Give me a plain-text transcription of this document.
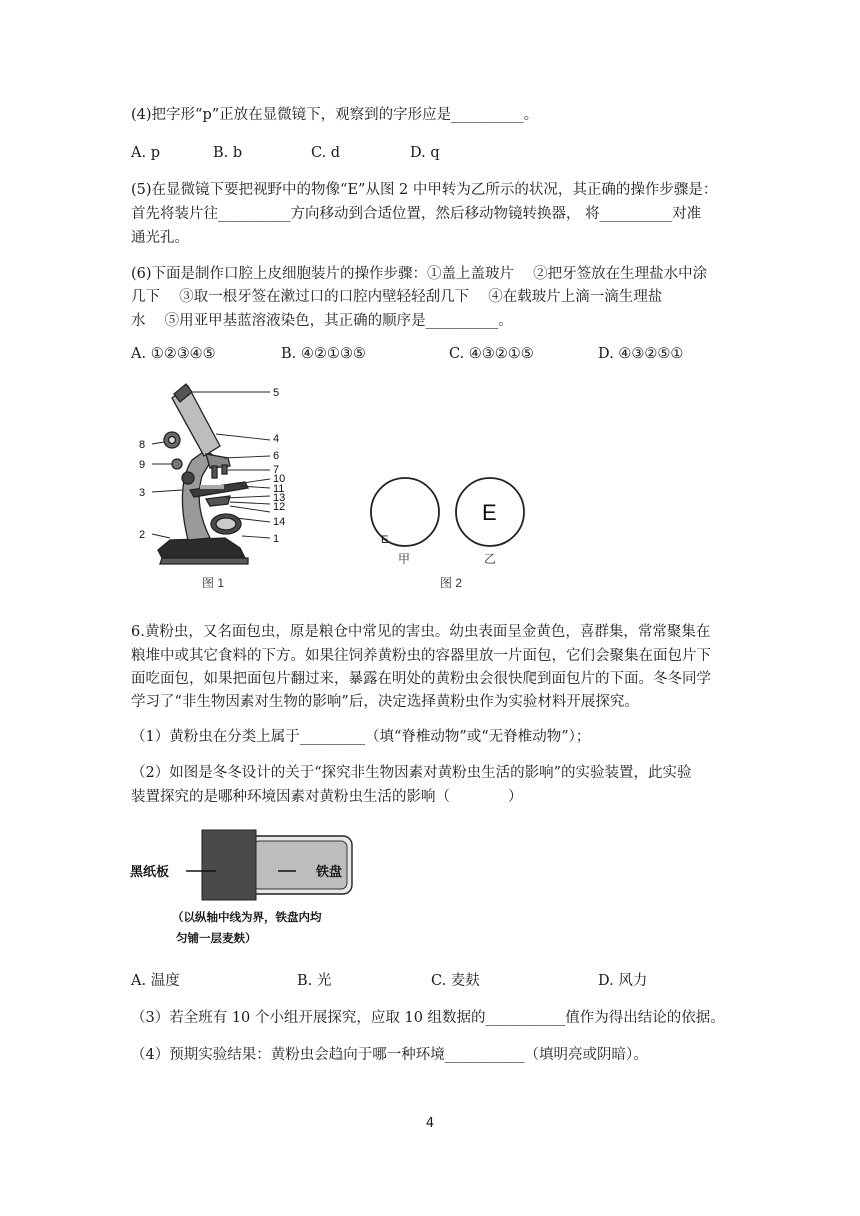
(4)把字形“p”正放在显微镜下，观察到的字形应是__________。
A. p	B. b	C. d	D. q
(5)在显微镜下要把视野中的物像“E”从图 2 中甲转为乙所示的状况，其正确的操作步骤是：
首先将装片往__________方向移动到合适位置，然后移动物镜转换器， 将__________对准
通光孔。
(6)下面是制作口腔上皮细胞装片的操作步骤：①盖上盖玻片　 ②把牙签放在生理盐水中涂
几下　 ③取一根牙签在漱过口的口腔内壁轻轻刮几下　 ④在载玻片上滴一滴生理盐
水　 ⑤用亚甲基蓝溶液染色，其正确的顺序是__________。
A. ①②③④⑤	B. ④②①③⑤	C. ④③②①⑤	D. ④③②⑤①
5
4
6
7
10
11
13
12
14
1
8
9
3
2
图 1
E
E
甲	乙
图 2
6.黄粉虫，又名面包虫，原是粮仓中常见的害虫。幼虫表面呈金黄色，喜群集，常常聚集在
粮堆中或其它食料的下方。如果往饲养黄粉虫的容器里放一片面包，它们会聚集在面包片下
面吃面包，如果把面包片翻过来，暴露在明处的黄粉虫会很快爬到面包片的下面。冬冬同学
学习了“非生物因素对生物的影响”后，决定选择黄粉虫作为实验材料开展探究。
（1）黄粉虫在分类上属于_________（填“脊椎动物”或“无脊椎动物”）；
（2）如图是冬冬设计的关于“探究非生物因素对黄粉虫生活的影响”的实验装置，此实验
装置探究的是哪种环境因素对黄粉虫生活的影响（　　　　）
黑纸板	铁盘
（以纵轴中线为界，铁盘内均
匀铺一层麦麸）
A. 温度	B. 光	C. 麦麸	D. 风力
（3）若全班有 10 个小组开展探究，应取 10 组数据的___________值作为得出结论的依据。
（4）预期实验结果：黄粉虫会趋向于哪一种环境___________（填明亮或阴暗）。
4
